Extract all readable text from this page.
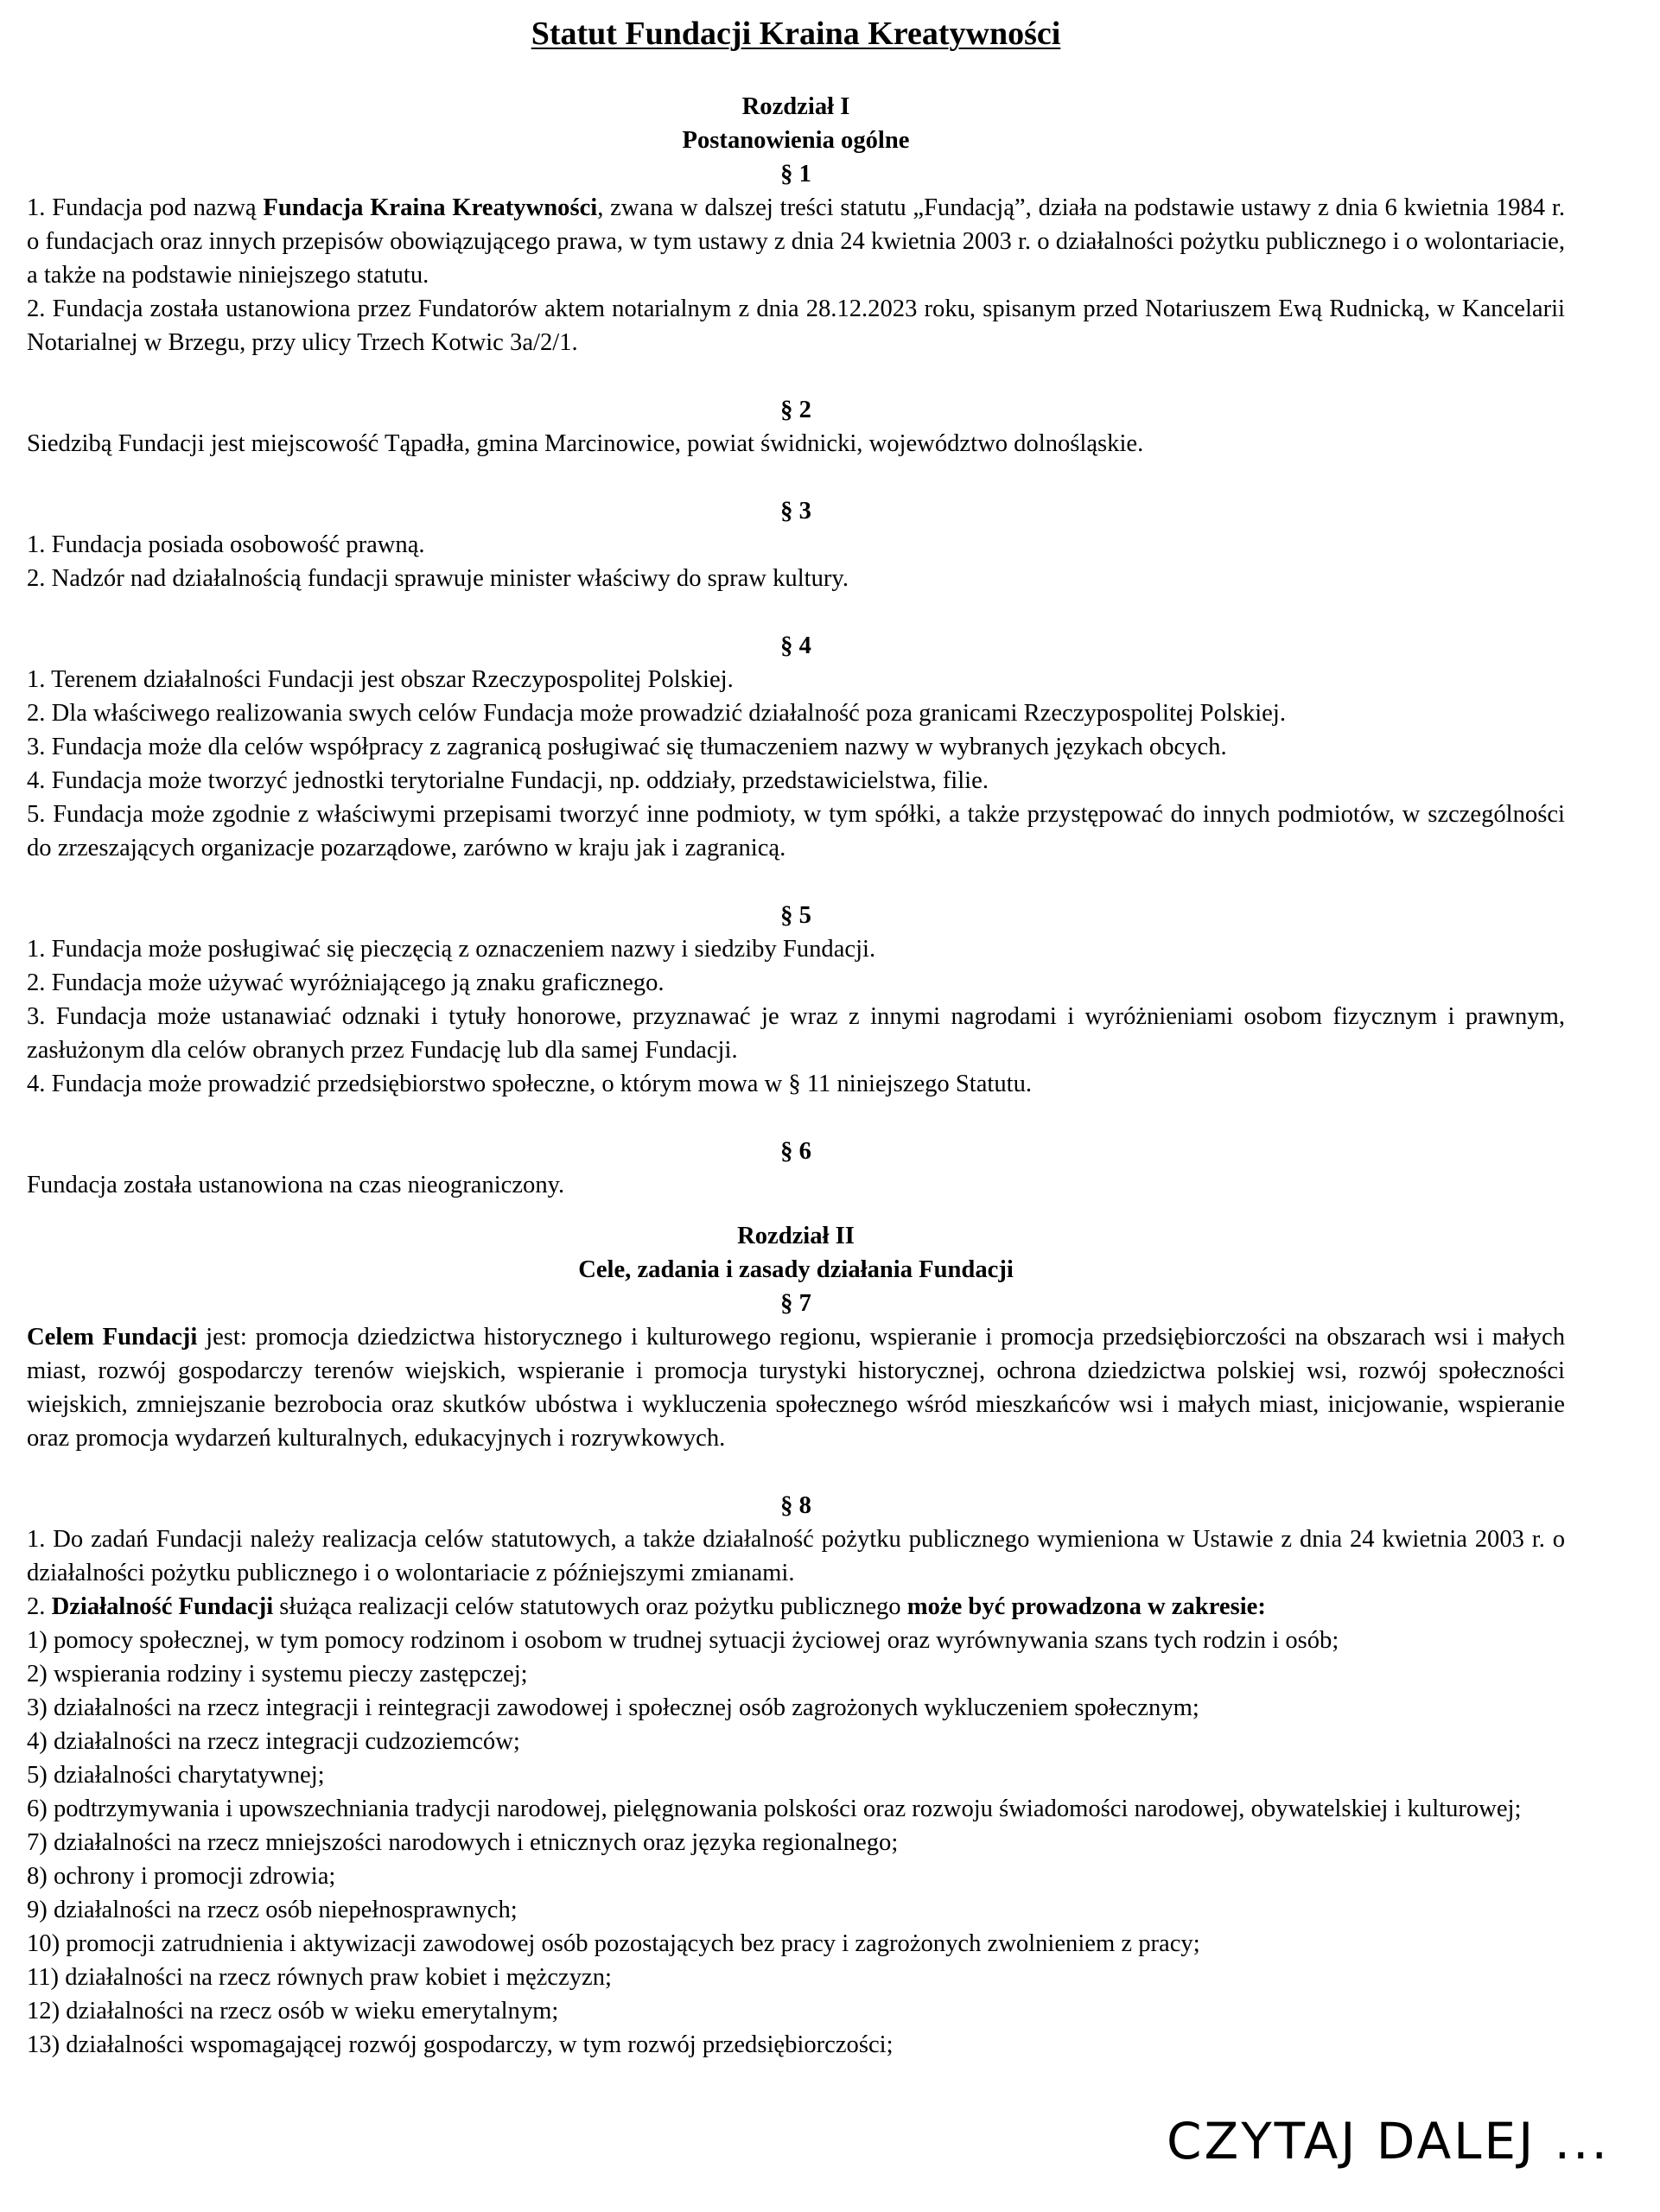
Statut Fundacji Kraina Kreatywności
Rozdział I
Postanowienia ogólne
§ 1

1. Fundacja pod nazwą Fundacja Kraina Kreatywności, zwana w dalszej treści statutu „Fundacją”, działa na podstawie ustawy z dnia 6 kwietnia 1984 r. o fundacjach oraz innych przepisów obowiązującego prawa, w tym ustawy z dnia 24 kwietnia 2003 r. o działalności pożytku publicznego i o wolontariacie, a także na podstawie niniejszego statutu.

2. Fundacja została ustanowiona przez Fundatorów aktem notarialnym z dnia 28.12.2023 roku, spisanym przed Notariuszem Ewą Rudnicką, w Kancelarii Notarialnej w Brzegu, przy ulicy Trzech Kotwic 3a/2/1.

§ 2

Siedzibą Fundacji jest miejscowość Tąpadła, gmina Marcinowice, powiat świdnicki, województwo dolnośląskie.

§ 3

1. Fundacja posiada osobowość prawną.

2. Nadzór nad działalnością fundacji sprawuje minister właściwy do spraw kultury.

§ 4

1. Terenem działalności Fundacji jest obszar Rzeczypospolitej Polskiej.

2. Dla właściwego realizowania swych celów Fundacja może prowadzić działalność poza granicami Rzeczypospolitej Polskiej.

3. Fundacja może dla celów współpracy z zagranicą posługiwać się tłumaczeniem nazwy w wybranych językach obcych.

4. Fundacja może tworzyć jednostki terytorialne Fundacji, np. oddziały, przedstawicielstwa, filie.

5. Fundacja może zgodnie z właściwymi przepisami tworzyć inne podmioty, w tym spółki, a także przystępować do innych podmiotów, w szczególności do zrzeszających organizacje pozarządowe, zarówno w kraju jak i zagranicą.

§ 5

1. Fundacja może posługiwać się pieczęcią z oznaczeniem nazwy i siedziby Fundacji.

2. Fundacja może używać wyróżniającego ją znaku graficznego.

3. Fundacja może ustanawiać odznaki i tytuły honorowe, przyznawać je wraz z innymi nagrodami i wyróżnieniami osobom fizycznym i prawnym, zasłużonym dla celów obranych przez Fundację lub dla samej Fundacji.

4. Fundacja może prowadzić przedsiębiorstwo społeczne, o którym mowa w § 11 niniejszego Statutu.

§ 6

Fundacja została ustanowiona na czas nieograniczony.

Rozdział II
Cele, zadania i zasady działania Fundacji
§ 7

Celem Fundacji jest: promocja dziedzictwa historycznego i kulturowego regionu, wspieranie i promocja przedsiębiorczości na obszarach wsi i małych miast, rozwój gospodarczy terenów wiejskich, wspieranie i promocja turystyki historycznej, ochrona dziedzictwa polskiej wsi, rozwój społeczności wiejskich, zmniejszanie bezrobocia oraz skutków ubóstwa i wykluczenia społecznego wśród mieszkańców wsi i małych miast, inicjowanie, wspieranie oraz promocja wydarzeń kulturalnych, edukacyjnych i rozrywkowych.

§ 8

1. Do zadań Fundacji należy realizacja celów statutowych, a także działalność pożytku publicznego wymieniona w Ustawie z dnia 24 kwietnia 2003 r. o działalności pożytku publicznego i o wolontariacie z późniejszymi zmianami.

2. Działalność Fundacji służąca realizacji celów statutowych oraz pożytku publicznego może być prowadzona w zakresie:

1) pomocy społecznej, w tym pomocy rodzinom i osobom w trudnej sytuacji życiowej oraz wyrównywania szans tych rodzin i osób;

2) wspierania rodziny i systemu pieczy zastępczej;

3) działalności na rzecz integracji i reintegracji zawodowej i społecznej osób zagrożonych wykluczeniem społecznym;

4) działalności na rzecz integracji cudzoziemców;

5) działalności charytatywnej;

6) podtrzymywania i upowszechniania tradycji narodowej, pielęgnowania polskości oraz rozwoju świadomości narodowej, obywatelskiej i kulturowej;

7) działalności na rzecz mniejszości narodowych i etnicznych oraz języka regionalnego;

8) ochrony i promocji zdrowia;

9) działalności na rzecz osób niepełnosprawnych;

10) promocji zatrudnienia i aktywizacji zawodowej osób pozostających bez pracy i zagrożonych zwolnieniem z pracy;

11) działalności na rzecz równych praw kobiet i mężczyzn;

12) działalności na rzecz osób w wieku emerytalnym;

13) działalności wspomagającej rozwój gospodarczy, w tym rozwój przedsiębiorczości;

CZYTAJ DALEJ ...
